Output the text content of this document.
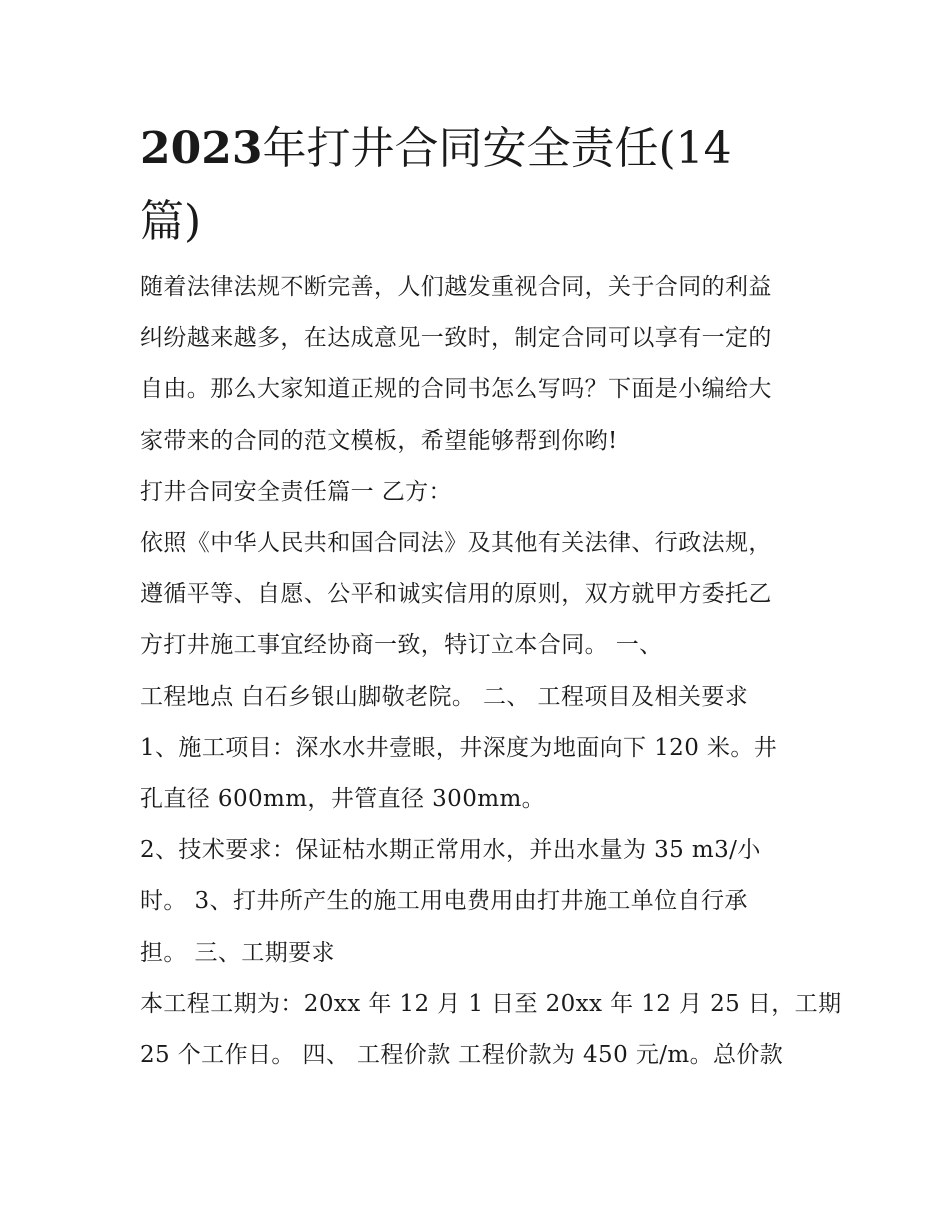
2023年打井合同安全责任(14
篇)

随着法律法规不断完善，人们越发重视合同，关于合同的利益

纠纷越来越多，在达成意见一致时，制定合同可以享有一定的

自由。那么大家知道正规的合同书怎么写吗？下面是小编给大

家带来的合同的范文模板，希望能够帮到你哟!

打井合同安全责任篇一 乙方：

依照《中华人民共和国合同法》及其他有关法律、行政法规，

遵循平等、自愿、公平和诚实信用的原则，双方就甲方委托乙

方打井施工事宜经协商一致，特订立本合同。 一、

工程地点 白石乡银山脚敬老院。 二、 工程项目及相关要求

1、施工项目：深水水井壹眼，井深度为地面向下 120 米。井

孔直径 600mm，井管直径 300mm。

2、技术要求：保证枯水期正常用水，并出水量为 35 m3/小

时。 3、打井所产生的施工用电费用由打井施工单位自行承

担。 三、工期要求

本工程工期为：20xx 年 12 月 1 日至 20xx 年 12 月 25 日，工期

25 个工作日。 四、 工程价款 工程价款为 450 元/m。总价款
